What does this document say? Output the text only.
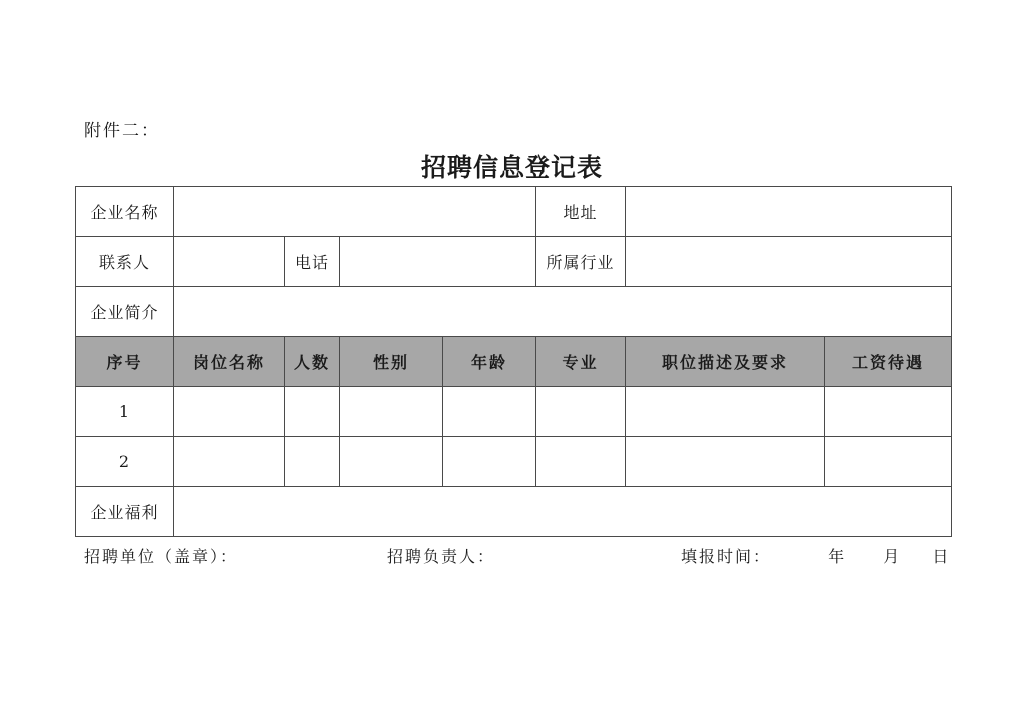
附件二：
招聘信息登记表
企业名称					地址		
联系人		电话			所属行业		
企业简介							
序号	岗位名称	人数	性别	年龄	专业	职位描述及要求	工资待遇
1							
2							
企业福利							
招聘单位（盖章）：	招聘负责人：	填报时间：	年 月 日
